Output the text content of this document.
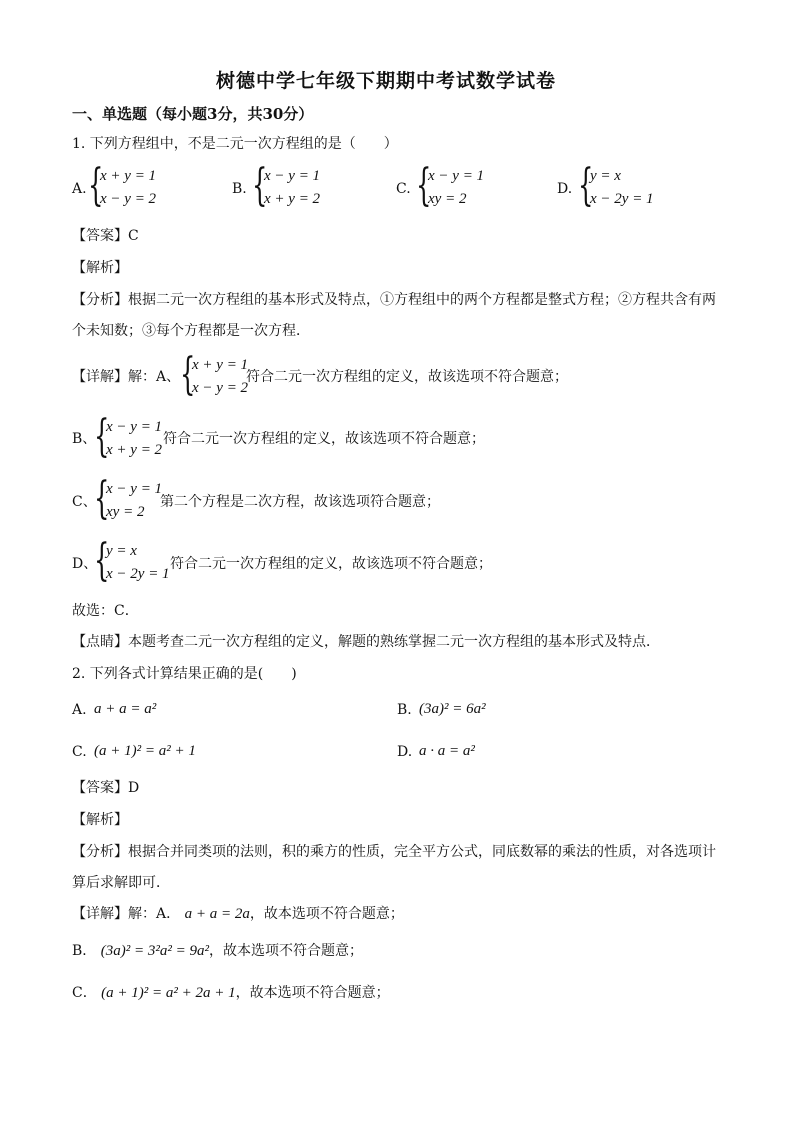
树德中学七年级下期期中考试数学试卷
一、单选题（每小题3分，共30分）
1. 下列方程组中，不是二元一次方程组的是（　　）
A. {
x + y = 1
x − y = 2
B. {
x − y = 1
x + y = 2
C. {
x − y = 1
xy = 2
D. {
y = x
x − 2y = 1
【答案】C
【解析】
【分析】根据二元一次方程组的基本形式及特点，①方程组中的两个方程都是整式方程；②方程共含有两
个未知数；③每个方程都是一次方程．
【详解】解：A、 {
x + y = 1
x − y = 2
符合二元一次方程组的定义，故该选项不符合题意；
B、
{
x − y = 1
x + y = 2
符合二元一次方程组的定义，故该选项不符合题意；
C、
{
x − y = 1
xy = 2
第二个方程是二次方程，故该选项符合题意；
D、
{
y = x
x − 2y = 1
符合二元一次方程组的定义，故该选项不符合题意；
故选：C．
【点睛】本题考查二元一次方程组的定义，解题的熟练掌握二元一次方程组的基本形式及特点．
2. 下列各式计算结果正确的是(　　)
A. a + a = a²	B. (3a)² = 6a²
C. (a + 1)² = a² + 1	D. a · a = a²
【答案】D
【解析】
【分析】根据合并同类项的法则，积的乘方的性质，完全平方公式，同底数幂的乘法的性质，对各选项计
算后求解即可．
【详解】解：A． a + a = 2a，故本选项不符合题意；
B． (3a)² = 3²a² = 9a²，故本选项不符合题意；
C． (a + 1)² = a² + 2a + 1，故本选项不符合题意；
